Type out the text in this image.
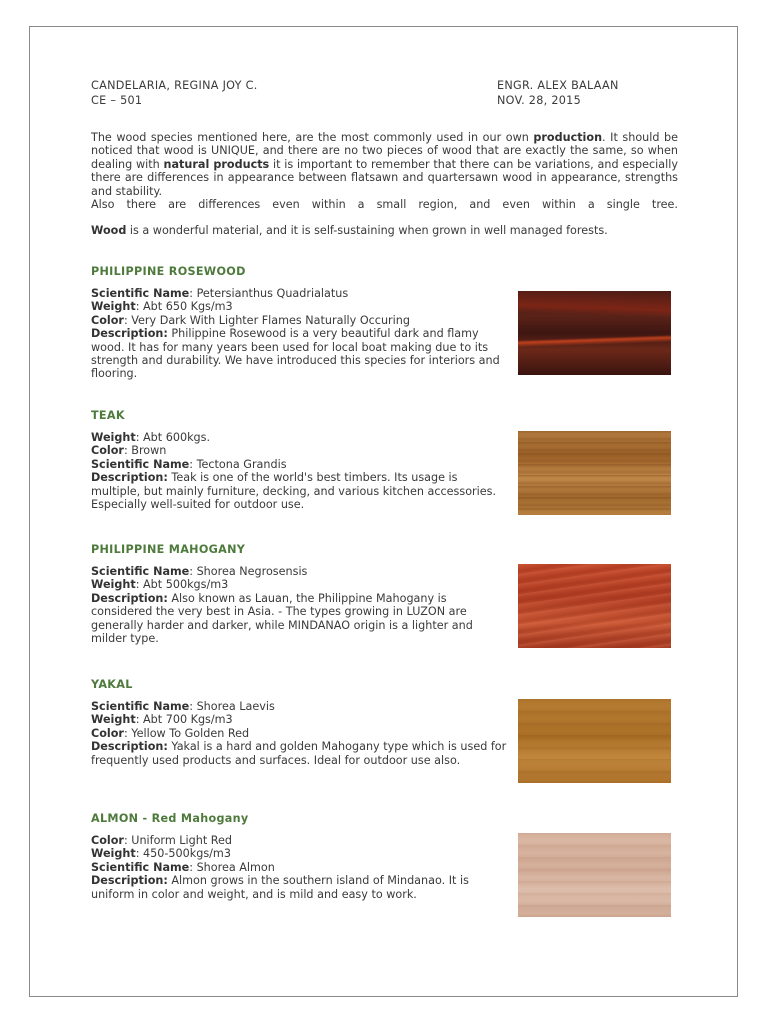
CANDELARIA, REGINA JOY C.
CE – 501
ENGR. ALEX BALAAN
NOV. 28, 2015

The wood species mentioned here, are the most commonly used in our own production. It should be noticed that wood is UNIQUE, and there are no two pieces of wood that are exactly the same, so when dealing with natural products it is important to remember that there can be variations, and especially there are differences in appearance between flatsawn and quartersawn wood in appearance, strengths and stability.

Also there are differences even within a small region, and even within a single tree.

Wood is a wonderful material, and it is self-sustaining when grown in well managed forests.

PHILIPPINE ROSEWOOD
Scientific Name: Petersianthus Quadrialatus
Weight: Abt 650 Kgs/m3
Color: Very Dark With Lighter Flames Naturally Occuring
Description: Philippine Rosewood is a very beautiful dark and flamy wood. It has for many years been used for local boat making due to its strength and durability. We have introduced this species for interiors and flooring.
TEAK
Weight: Abt 600kgs.
Color: Brown
Scientific Name: Tectona Grandis
Description: Teak is one of the world's best timbers. Its usage is multiple, but mainly furniture, decking, and various kitchen accessories. Especially well-suited for outdoor use.
PHILIPPINE MAHOGANY
Scientific Name: Shorea Negrosensis
Weight: Abt 500kgs/m3
Description: Also known as Lauan, the Philippine Mahogany is considered the very best in Asia. - The types growing in LUZON are generally harder and darker, while MINDANAO origin is a lighter and milder type.
YAKAL
Scientific Name: Shorea Laevis
Weight: Abt 700 Kgs/m3
Color: Yellow To Golden Red
Description: Yakal is a hard and golden Mahogany type which is used for frequently used products and surfaces. Ideal for outdoor use also.
ALMON - Red Mahogany
Color: Uniform Light Red
Weight: 450-500kgs/m3
Scientific Name: Shorea Almon
Description: Almon grows in the southern island of Mindanao. It is uniform in color and weight, and is mild and easy to work.
